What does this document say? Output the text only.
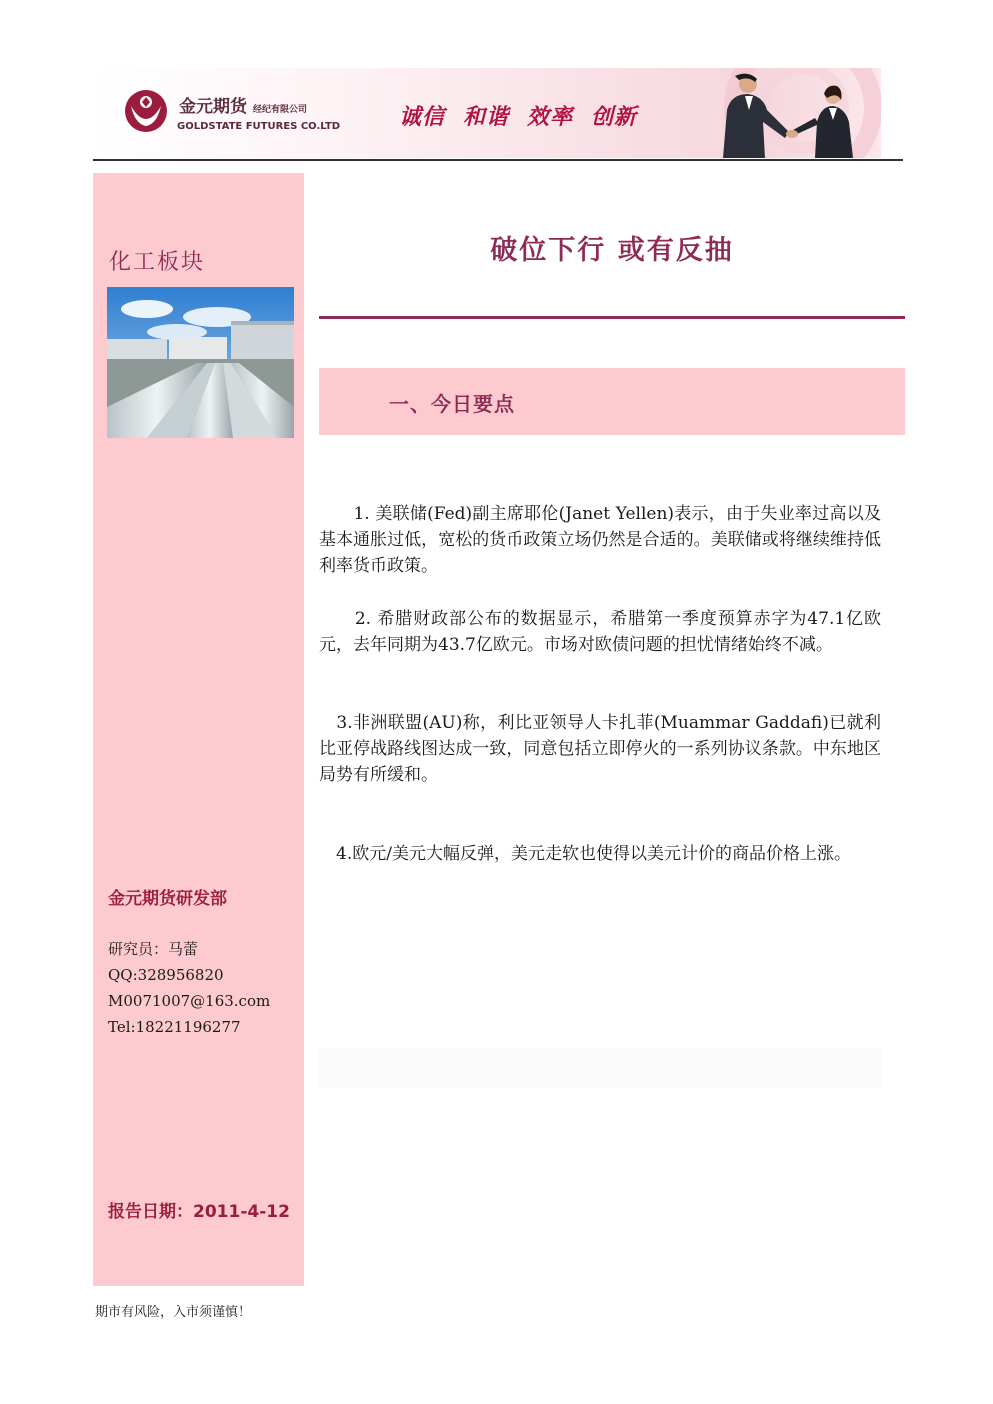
金元期货 经纪有限公司
GOLDSTATE FUTURES CO.LTD	诚信 和谐 效率 创新
化工板块
金元期货研发部
研究员：马蕾
QQ:328956820
M0071007@163.com
Tel:18221196277
报告日期：2011-4-12
破位下行 或有反抽
一、今日要点

　　1. 美联储(Fed)副主席耶伦(Janet Yellen)表示，由于失业率过高以及基本通胀过低，宽松的货币政策立场仍然是合适的。美联储或将继续维持低利率货币政策。

　　2. 希腊财政部公布的数据显示，希腊第一季度预算赤字为47.1亿欧元，去年同期为43.7亿欧元。市场对欧债问题的担忧情绪始终不减。

　3.非洲联盟(AU)称，利比亚领导人卡扎菲(Muammar Gaddafi)已就利比亚停战路线图达成一致，同意包括立即停火的一系列协议条款。中东地区局势有所缓和。

　4.欧元/美元大幅反弹，美元走软也使得以美元计价的商品价格上涨。

期市有风险，入市须谨慎！
